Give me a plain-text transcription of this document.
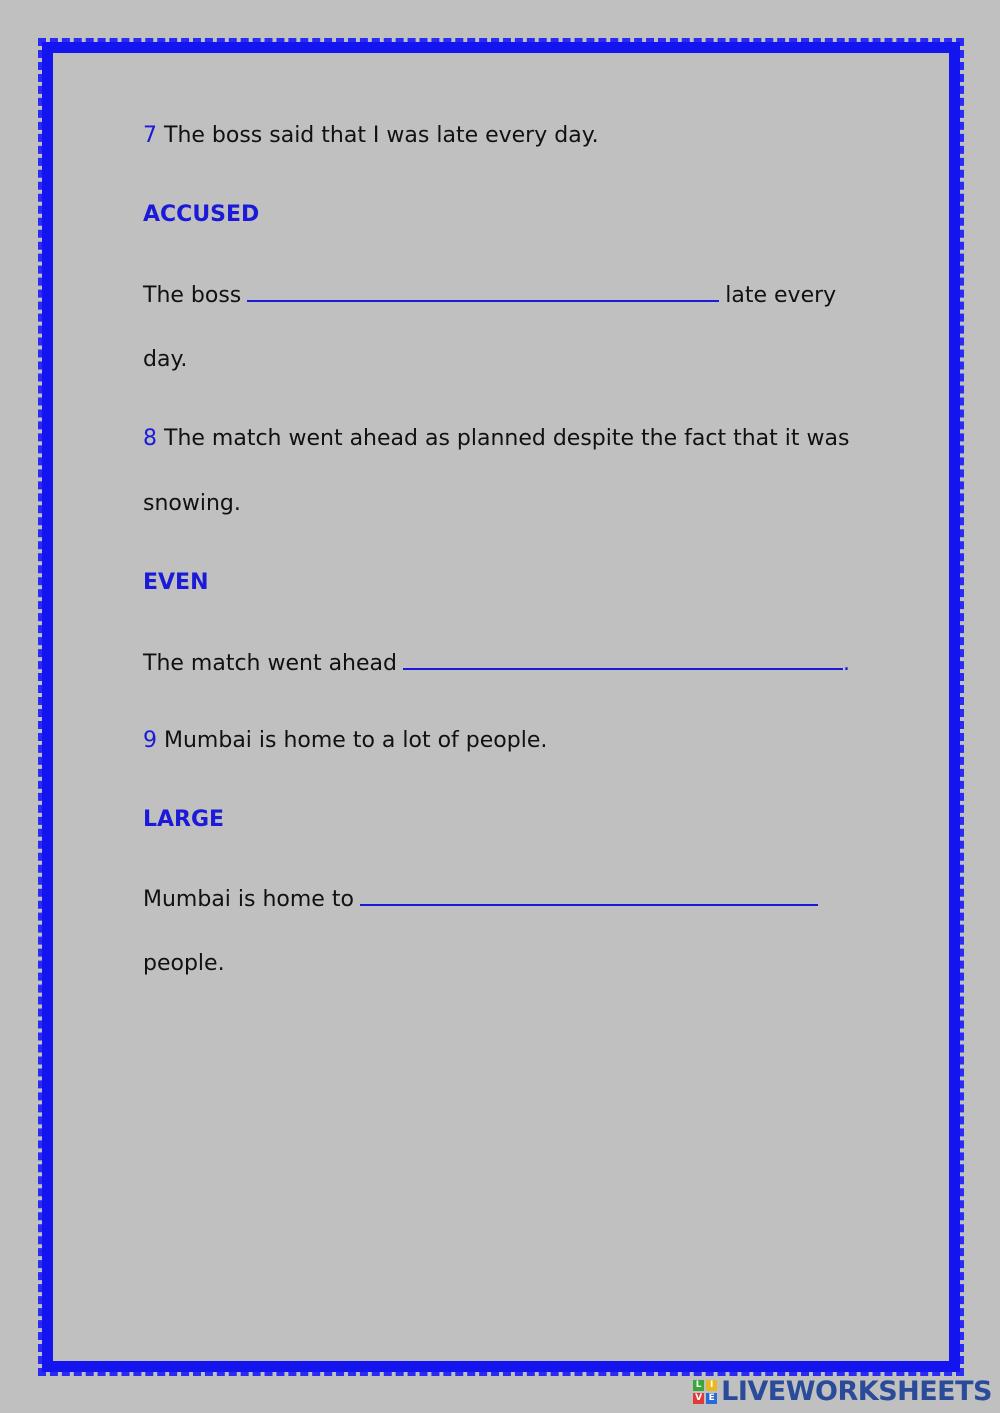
7 The boss said that I was late every day.

ACCUSED

The boss	late every

day.

8 The match went ahead as planned despite the fact that it was

snowing.

EVEN

The match went ahead	.

9 Mumbai is home to a lot of people.

LARGE

Mumbai is home to

people.

L I
V E LIVEWORKSHEETS
